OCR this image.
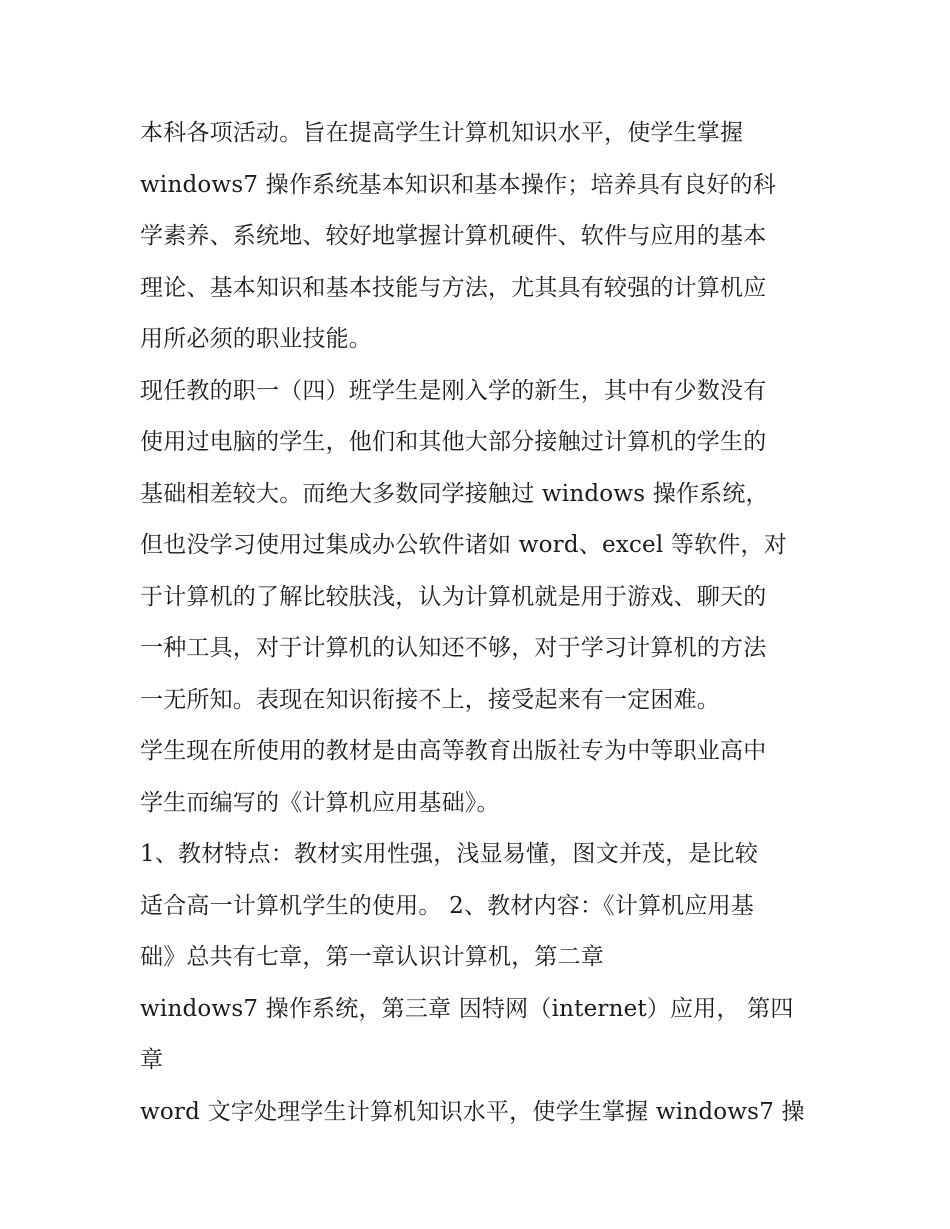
本科各项活动。旨在提高学生计算机知识水平，使学生掌握
windows7 操作系统基本知识和基本操作；培养具有良好的科
学素养、系统地、较好地掌握计算机硬件、软件与应用的基本
理论、基本知识和基本技能与方法，尤其具有较强的计算机应
用所必须的职业技能。
现任教的职一（四）班学生是刚入学的新生，其中有少数没有
使用过电脑的学生，他们和其他大部分接触过计算机的学生的
基础相差较大。而绝大多数同学接触过 windows 操作系统，
但也没学习使用过集成办公软件诸如 word、excel 等软件，对
于计算机的了解比较肤浅，认为计算机就是用于游戏、聊天的
一种工具，对于计算机的认知还不够，对于学习计算机的方法
一无所知。表现在知识衔接不上，接受起来有一定困难。
学生现在所使用的教材是由高等教育出版社专为中等职业高中
学生而编写的《计算机应用基础》。
1、教材特点：教材实用性强，浅显易懂，图文并茂，是比较
适合高一计算机学生的使用。 2、教材内容：《计算机应用基
础》总共有七章，第一章认识计算机，第二章
windows7 操作系统，第三章 因特网（internet）应用， 第四
章
word 文字处理学生计算机知识水平，使学生掌握 windows7 操
